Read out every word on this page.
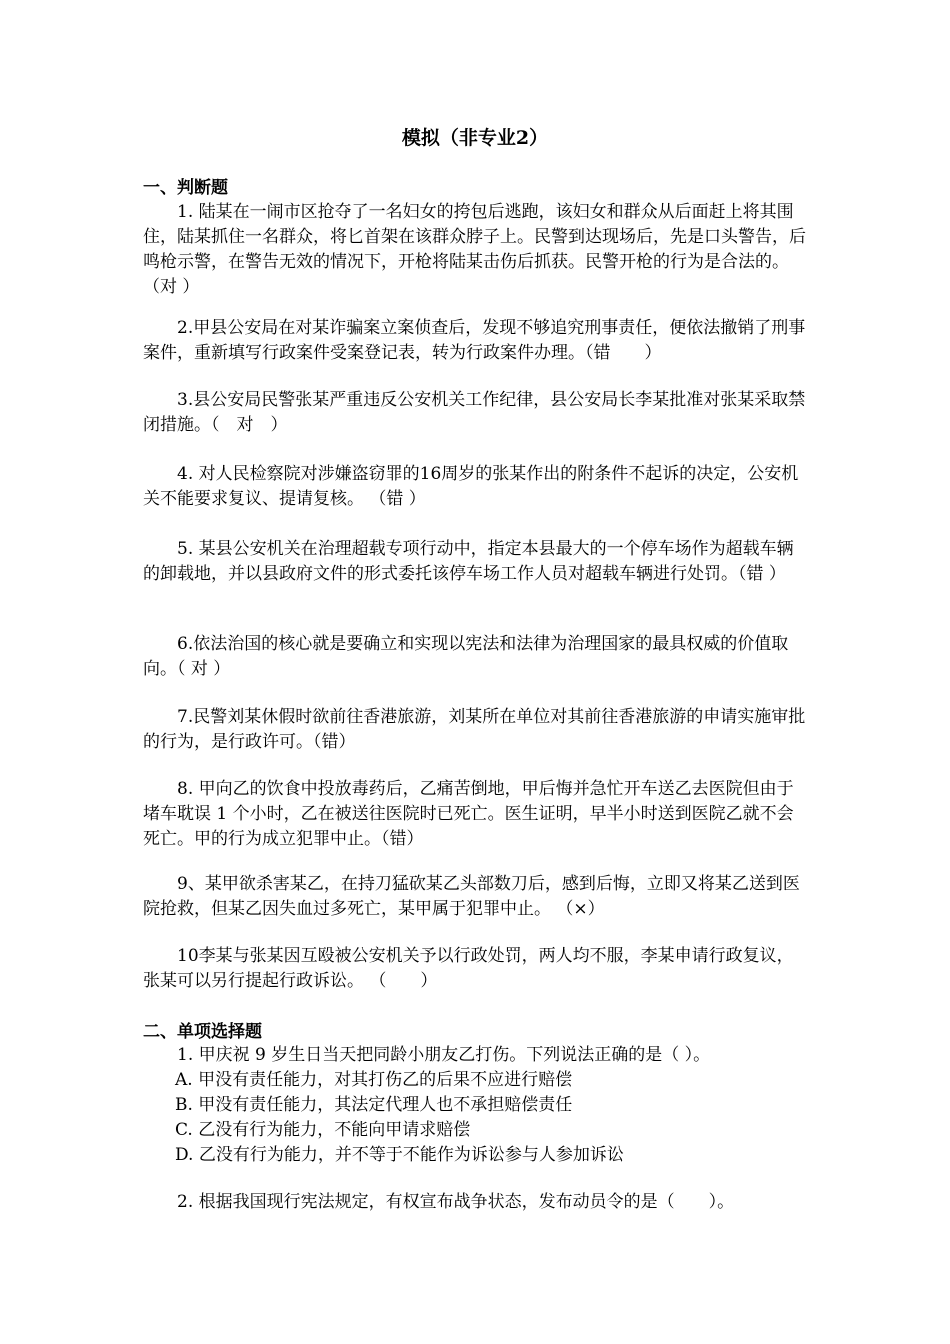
模拟（非专业2）
一、判断题

1. 陆某在一闹市区抢夺了一名妇女的挎包后逃跑，该妇女和群众从后面赶上将其围住，陆某抓住一名群众，将匕首架在该群众脖子上。民警到达现场后，先是口头警告，后鸣枪示警，在警告无效的情况下，开枪将陆某击伤后抓获。民警开枪的行为是合法的。（对 ）

2.甲县公安局在对某诈骗案立案侦查后，发现不够追究刑事责任，便依法撤销了刑事案件，重新填写行政案件受案登记表，转为行政案件办理。（错　　）

3.县公安局民警张某严重违反公安机关工作纪律，县公安局长李某批准对张某采取禁闭措施。（　对　）

4. 对人民检察院对涉嫌盗窃罪的16周岁的张某作出的附条件不起诉的决定，公安机关不能要求复议、提请复核。 （错 ）

5. 某县公安机关在治理超载专项行动中，指定本县最大的一个停车场作为超载车辆的卸载地，并以县政府文件的形式委托该停车场工作人员对超载车辆进行处罚。（错 ）

6.依法治国的核心就是要确立和实现以宪法和法律为治理国家的最具权威的价值取向。（ 对 ）

7.民警刘某休假时欲前往香港旅游，刘某所在单位对其前往香港旅游的申请实施审批的行为，是行政许可。（错）

8. 甲向乙的饮食中投放毒药后，乙痛苦倒地，甲后悔并急忙开车送乙去医院但由于堵车耽误 1 个小时，乙在被送往医院时已死亡。医生证明，早半小时送到医院乙就不会死亡。甲的行为成立犯罪中止。（错）

9、某甲欲杀害某乙，在持刀猛砍某乙头部数刀后，感到后悔，立即又将某乙送到医院抢救，但某乙因失血过多死亡，某甲属于犯罪中止。 （×）

10李某与张某因互殴被公安机关予以行政处罚，两人均不服，李某申请行政复议，张某可以另行提起行政诉讼。 （　　）

二、单项选择题

1. 甲庆祝 9 岁生日当天把同龄小朋友乙打伤。下列说法正确的是（ ）。

A. 甲没有责任能力，对其打伤乙的后果不应进行赔偿
B. 甲没有责任能力，其法定代理人也不承担赔偿责任
C. 乙没有行为能力，不能向甲请求赔偿
D. 乙没有行为能力，并不等于不能作为诉讼参与人参加诉讼

2. 根据我国现行宪法规定，有权宣布战争状态，发布动员令的是（　　）。
